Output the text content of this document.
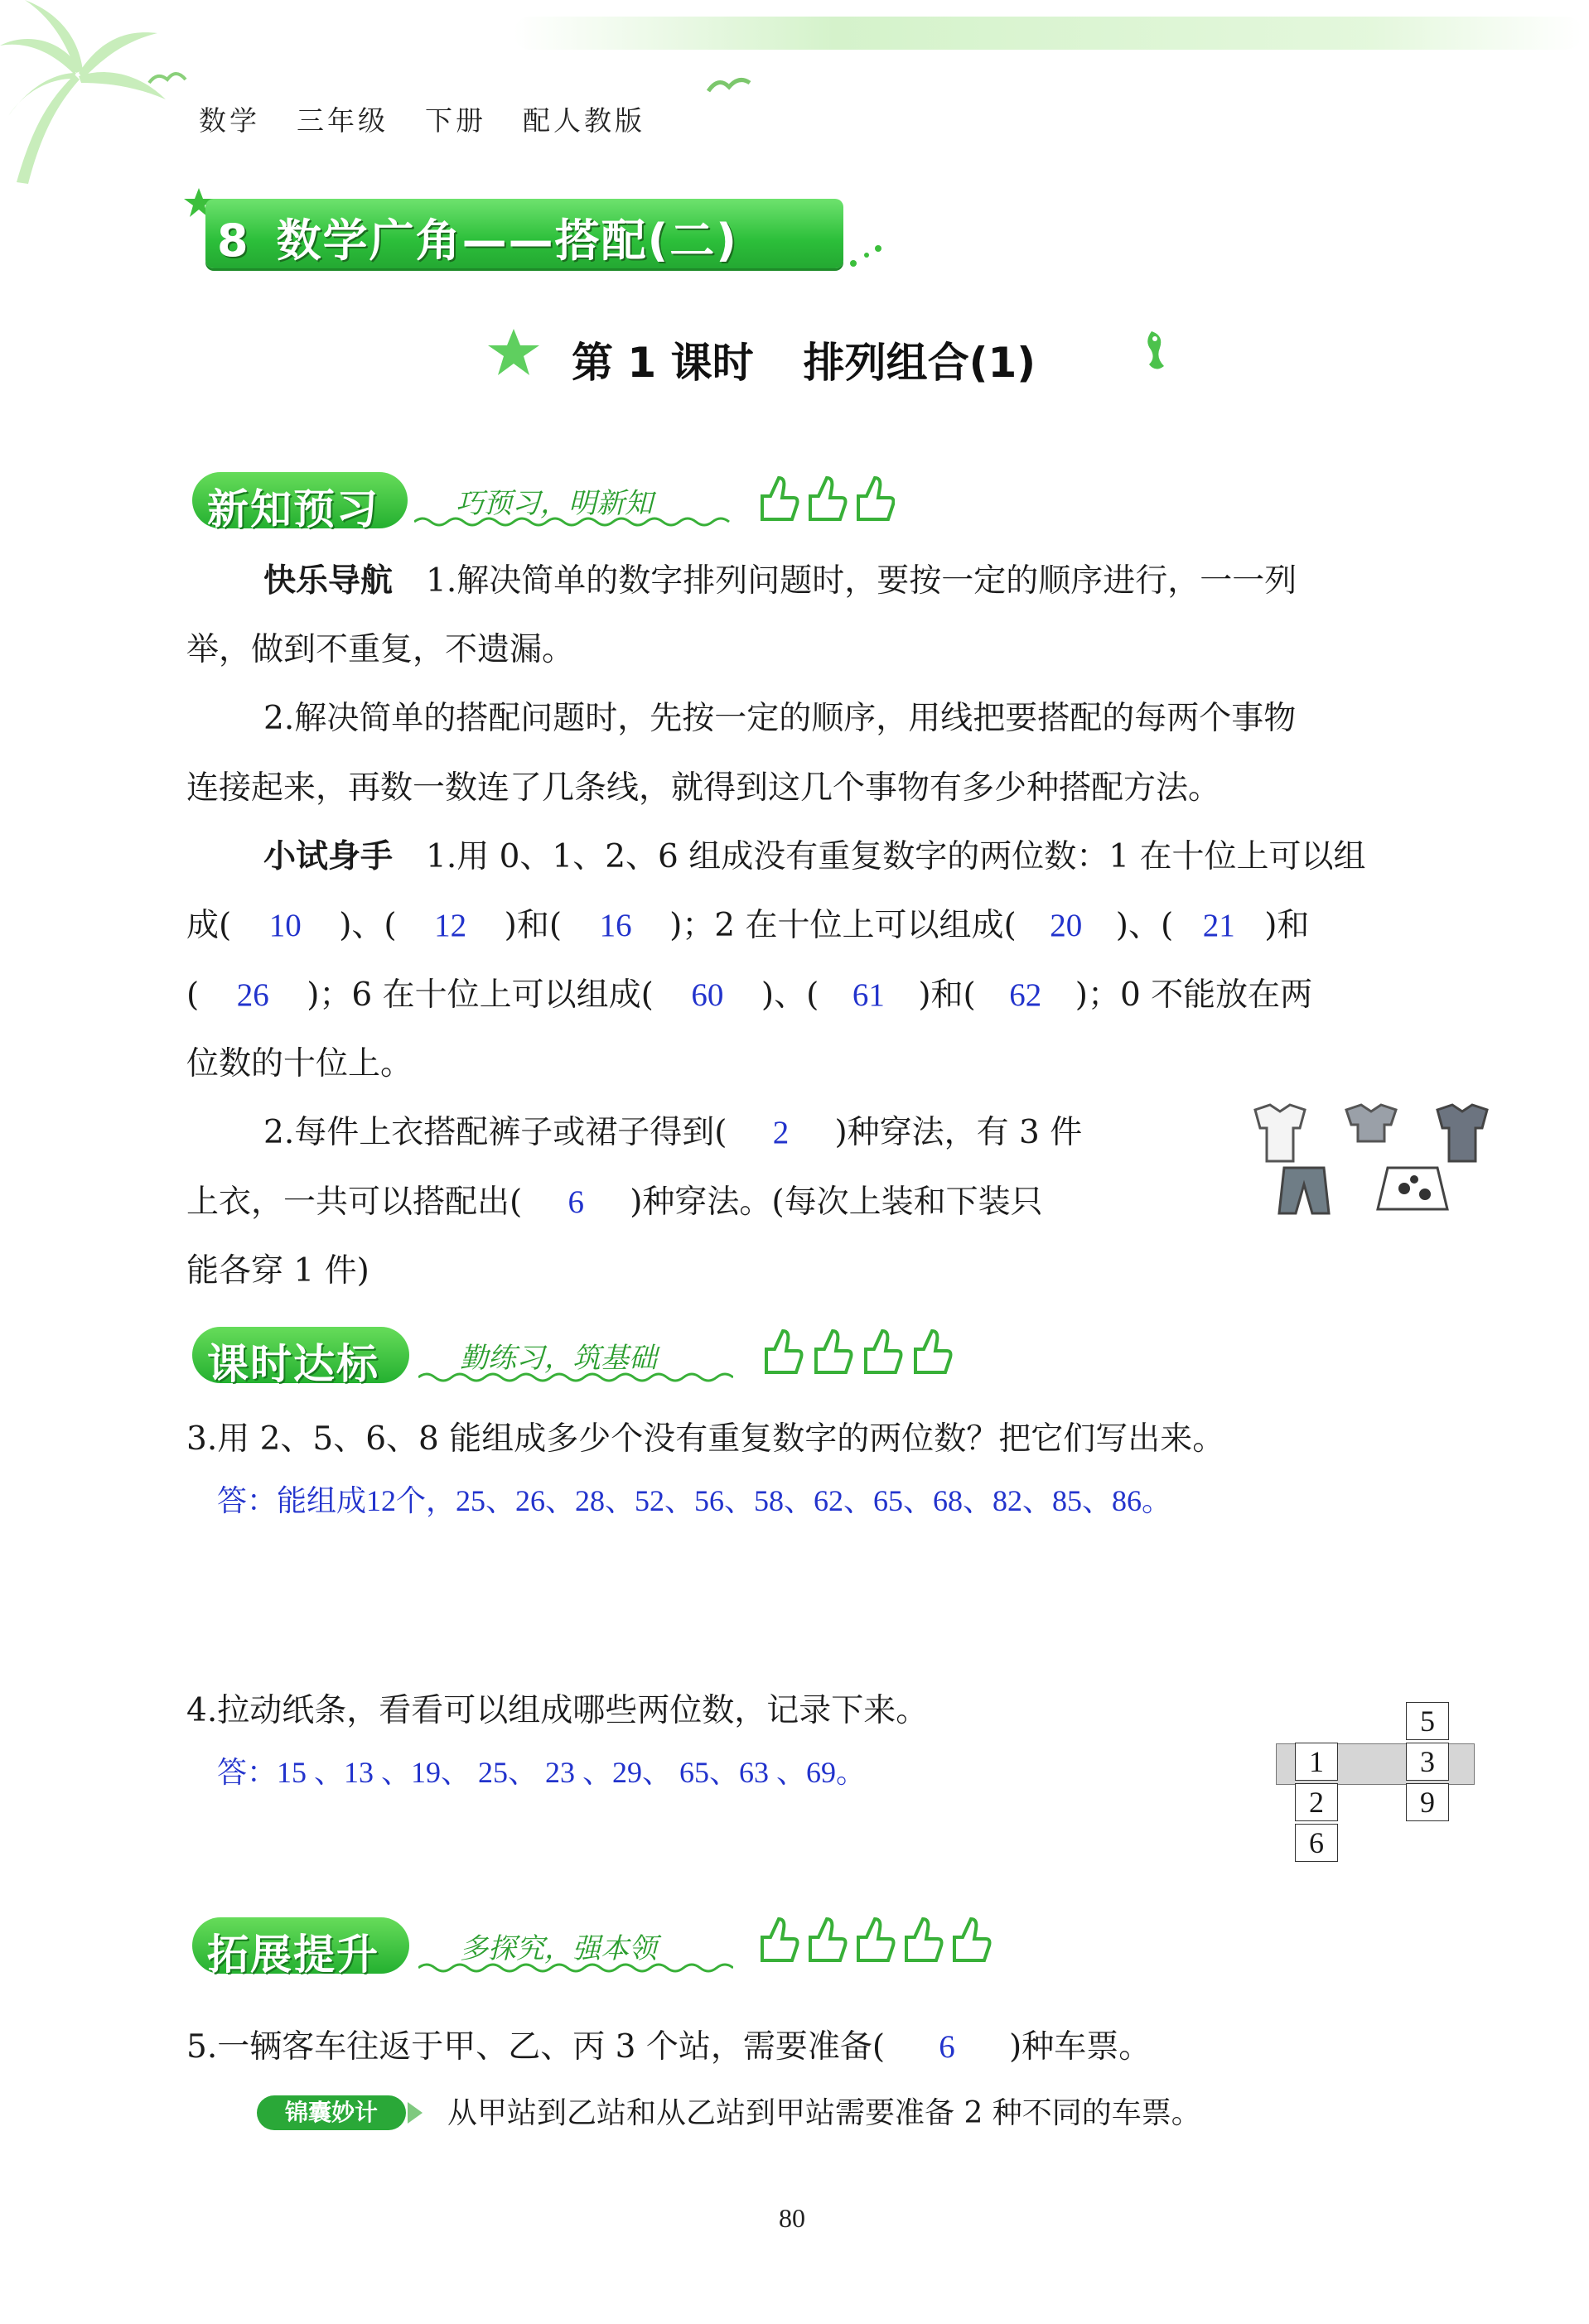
数学 三年级 下册 配人教版
8 数学广角——搭配(二)
第 1 课时 排列组合(1)
新知预习	巧预习，明新知
快乐导航 1.解决简单的数字排列问题时，要按一定的顺序进行，一一列
举，做到不重复，不遗漏。
2.解决简单的搭配问题时，先按一定的顺序，用线把要搭配的每两个事物
连接起来，再数一数连了几条线，就得到这几个事物有多少种搭配方法。
小试身手 1.用 0、1、2、6 组成没有重复数字的两位数：1 在十位上可以组
成( 10 )、( 12 )和( 16 )；2 在十位上可以组成( 20 )、( 21 )和
( 26 )；6 在十位上可以组成( 60 )、( 61 )和( 62 )；0 不能放在两
位数的十位上。
2.每件上衣搭配裤子或裙子得到( 2 )种穿法，有 3 件
上衣，一共可以搭配出( 6 )种穿法。(每次上装和下装只
能各穿 1 件)
课时达标	勤练习，筑基础
3.用 2、5、6、8 能组成多少个没有重复数字的两位数？把它们写出来。
答：能组成12个，25、26、28、52、56、58、62、65、68、82、85、86。
4.拉动纸条，看看可以组成哪些两位数，记录下来。
答：15 、13 、19、 25、 23 、29、 65、63 、69。
5
1	3
2	9
6
拓展提升	多探究，强本领
5.一辆客车往返于甲、乙、丙 3 个站，需要准备( 6 )种车票。
锦囊妙计	从甲站到乙站和从乙站到甲站需要准备 2 种不同的车票。
80
